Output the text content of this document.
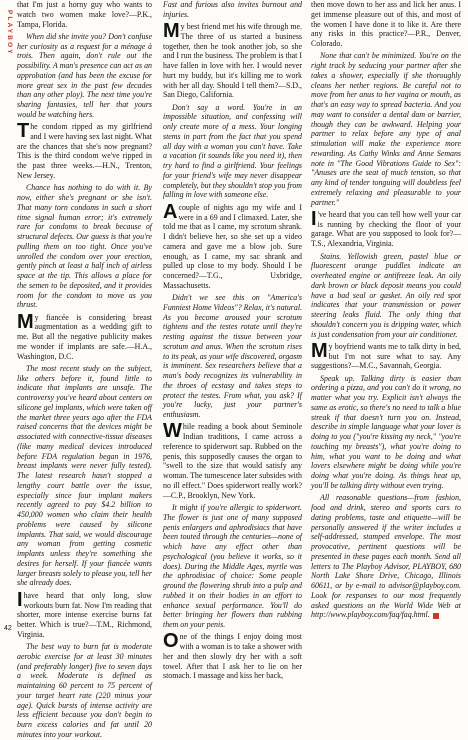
PLAYBOY
42

that I'm just a horny guy who wants to watch two women make love?—P.K., Tampa, Florida.

When did she invite you? Don't confuse her curiosity as a request for a ménage à trois. Then again, don't rule out the possibility. A man's presence can act as an approbation (and has been the excuse for more great sex in the past few decades than any other ploy). The next time you're sharing fantasies, tell her that yours would be watching hers.

The condom ripped as my girlfriend and I were having sex last night. What are the chances that she's now pregnant? This is the third condom we've ripped in the past three weeks.—H.N., Trenton, New Jersey.

Chance has nothing to do with it. By now, either she's pregnant or she isn't. That many torn condoms in such a short time signal human error; it's extremely rare for condoms to break because of structural defects. Our guess is that you're pulling them on too tight. Once you've unrolled the condom over your erection, gently pinch at least a half inch of airless space at the tip. This allows a place for the semen to be deposited, and it provides room for the condom to move as you thrust.

My fiancée is considering breast augmentation as a wedding gift to me. But all the negative publicity makes me wonder if implants are safe.—H.A., Washington, D.C.

The most recent study on the subject, like others before it, found little to indicate that implants are unsafe. The controversy you've heard about centers on silicone gel implants, which were taken off the market three years ago after the FDA raised concerns that the devices might be associated with connective-tissue diseases (like many medical devices introduced before FDA regulation began in 1976, breast implants were never fully tested). The latest research hasn't stopped a lengthy court battle over the issue, especially since four implant makers recently agreed to pay $4.2 billion to 450,000 women who claim their health problems were caused by silicone implants. That said, we would discourage any woman from getting cosmetic implants unless they're something she desires for herself. If your fiancée wants larger breasts solely to please you, tell her she already does.

I have heard that only long, slow workouts burn fat. Now I'm reading that shorter, more intense exercise burns fat better. Which is true?—T.M., Richmond, Virginia.

The best way to burn fat is moderate aerobic exercise for at least 30 minutes (and preferably longer) five to seven days a week. Moderate is defined as maintaining 60 percent to 75 percent of your target heart rate (220 minus your age). Quick bursts of intense activity are less efficient because you don't begin to burn excess calories and fat until 20 minutes into your workout.

Fast and furious also invites burnout and injuries.

My best friend met his wife through me. The three of us started a business together, then he took another job, so she and I run the business. The problem is that I have fallen in love with her. I would never hurt my buddy, but it's killing me to work with her all day. Should I tell them?—S.D., San Diego, California.

Don't say a word. You're in an impossible situation, and confessing will only create more of a mess. Your longing stems in part from the fact that you spend all day with a woman you can't have. Take a vacation (it sounds like you need it), then try hard to find a girlfriend. Your feelings for your friend's wife may never disappear completely, but they shouldn't stop you from falling in love with someone else.

A couple of nights ago my wife and I were in a 69 and I climaxed. Later, she told me that as I came, my scrotum shrank. I didn't believe her, so she set up a video camera and gave me a blow job. Sure enough, as I came, my sac shrank and pulled up close to my body. Should I be concerned?—T.G., Uxbridge, Massachusetts.

Didn't we see this on "America's Funniest Home Videos"? Relax, it's natural. As you become aroused your scrotum tightens and the testes rotate until they're resting against the tissue between your scrotum and anus. When the scrotum rises to its peak, as your wife discovered, orgasm is imminent. Sex researchers believe that a man's body recognizes its vulnerability in the throes of ecstasy and takes steps to protect the testes. From what, you ask? If you're lucky, just your partner's enthusiasm.

While reading a book about Seminole Indian traditions, I came across a reference to spiderwort sap. Rubbed on the penis, this supposedly causes the organ to "swell to the size that would satisfy any woman. The tumescence later subsides with no ill effect." Does spiderwort really work?—C.P., Brooklyn, New York.

It might if you're allergic to spiderwort. The flower is just one of many supposed penis enlargers and aphrodisiacs that have been touted through the centuries—none of which have any effect other than psychological (you believe it works, so it does). During the Middle Ages, myrtle was the aphrodisiac of choice: Some people ground the flowering shrub into a pulp and rubbed it on their bodies in an effort to enhance sexual performance. You'll do better bringing her flowers than rubbing them on your penis.

One of the things I enjoy doing most with a woman is to take a shower with her and then slowly dry her with a soft towel. After that I ask her to lie on her stomach. I massage and kiss her back,

then move down to her ass and lick her anus. I get immense pleasure out of this, and most of the women I have done it to like it. Are there any risks in this practice?—P.R., Denver, Colorado.

None that can't be minimized. You're on the right track by seducing your partner after she takes a shower, especially if she thoroughly cleans her nether regions. Be careful not to move from her anus to her vagina or mouth, as that's an easy way to spread bacteria. And you may want to consider a dental dam or barrier, though they can be awkward. Helping your partner to relax before any type of anal stimulation will make the experience more rewarding. As Cathy Winks and Anne Semans note in "The Good Vibrations Guide to Sex": "Anuses are the seat of much tension, so that any kind of tender tonguing will doubtless feel extremely relaxing and pleasurable to your partner."

I 've heard that you can tell how well your car is running by checking the floor of your garage. What are you supposed to look for?—T.S., Alexandria, Virginia.

Stains. Yellowish green, pastel blue or fluorescent orange puddles indicate an overheated engine or antifreeze leak. An oily dark brown or black deposit means you could have a bad seal or gasket. An oily red spot indicates that your transmission or power steering leaks fluid. The only thing that shouldn't concern you is dripping water, which is just condensation from your air conditioner.

My boyfriend wants me to talk dirty in bed, but I'm not sure what to say. Any suggestions?—M.C., Savannah, Georgia.

Speak up. Talking dirty is easier than ordering a pizza, and you can't do it wrong, no matter what you try. Explicit isn't always the same as erotic, so there's no need to talk a blue streak if that doesn't turn you on. Instead, describe in simple language what your lover is doing to you ("you're kissing my neck," "you're touching my breasts"), what you're doing to him, what you want to be doing and what lovers elsewhere might be doing while you're doing what you're doing. As things heat up, you'll be talking dirty without even trying.

All reasonable questions—from fashion, food and drink, stereo and sports cars to dating problems, taste and etiquette—will be personally answered if the writer includes a self-addressed, stamped envelope. The most provocative, pertinent questions will be presented in these pages each month. Send all letters to The Playboy Advisor, PLAYBOY, 680 North Lake Shore Drive, Chicago, Illinois 60611, or by e-mail to advisor@playboy.com. Look for responses to our most frequently asked questions on the World Wide Web at http://www.playboy.com/faq/faq.html.
